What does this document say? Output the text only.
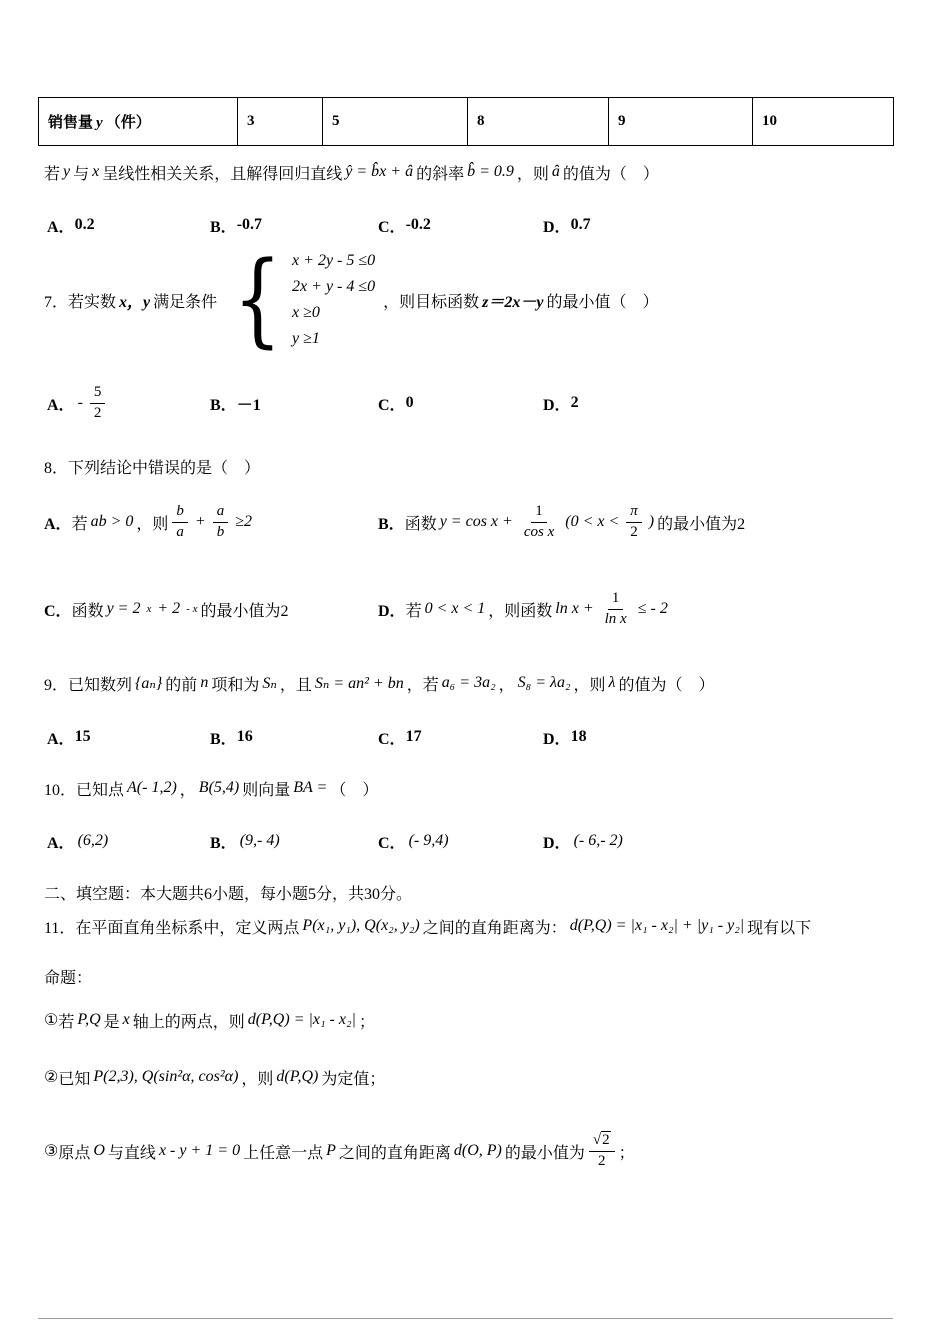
销售量 y （件）	3	5	8	9	10
若 y 与 x 呈线性相关关系，且解得回归直线 ŷ = b̂x + â 的斜率 b̂ = 0.9 ，则 â 的值为（　）
A． 0.2	B． -0.7	C． -0.2	D． 0.7
7．若实数 x，y 满足条件 { x + 2y - 5 ≤0
2x + y - 4 ≤0
x ≥0
y ≥1
，则目标函数 z＝2x－y 的最小值（　）
A． - $\frac{5}{2}$	B． －1	C． 0	D． 2
8． 下列结论中错误的是（　）
A． 若 ab > 0 ，则 $\frac{b}{a} + \frac{a}{b} \ge 2$	B． 函数 $y = \cos x + \frac{1}{\text{cos x}} (0 < x < \frac{\pi}{2}$ ) 的最小值为2
C． 函数 y = 2 x + 2 - x 的最小值为2	D． 若 0 < x < 1 ，则函数 $\ln x + \frac{1}{\text{ln x}}$ ≤ - 2
9．已知数列 {aₙ} 的前 n 项和为 Sₙ ，且 Sₙ = an² + bn ，若 a₆ = 3a₂ ， S₈ = λa₂ ，则 λ 的值为（　）
A． 15	B． 16	C． 17	D． 18
10．已知点 A(- 1,2) ， B(5,4) 则向量 BA = （　）
A． (6,2)	B． (9,- 4)	C． (- 9,4)	D． (- 6,- 2)
二、填空题：本大题共6小题，每小题5分，共30分。
11．在平面直角坐标系中，定义两点 P(x₁, y₁), Q(x₂, y₂) 之间的直角距离为： d(P,Q) = |x₁ - x₂| + |y₁ - y₂| 现有以下
命题：
① 若 P,Q 是 x 轴上的两点，则 d(P,Q) = |x₁ - x₂| ；
② 已知 P(2,3), Q(sin²α, cos²α) ，则 d(P,Q) 为定值；
③ 原点 O 与直线 x - y + 1 = 0 上任意一点 P 之间的直角距离 d(O, P) 的最小值为 $\frac{√2}{2}$ ；
